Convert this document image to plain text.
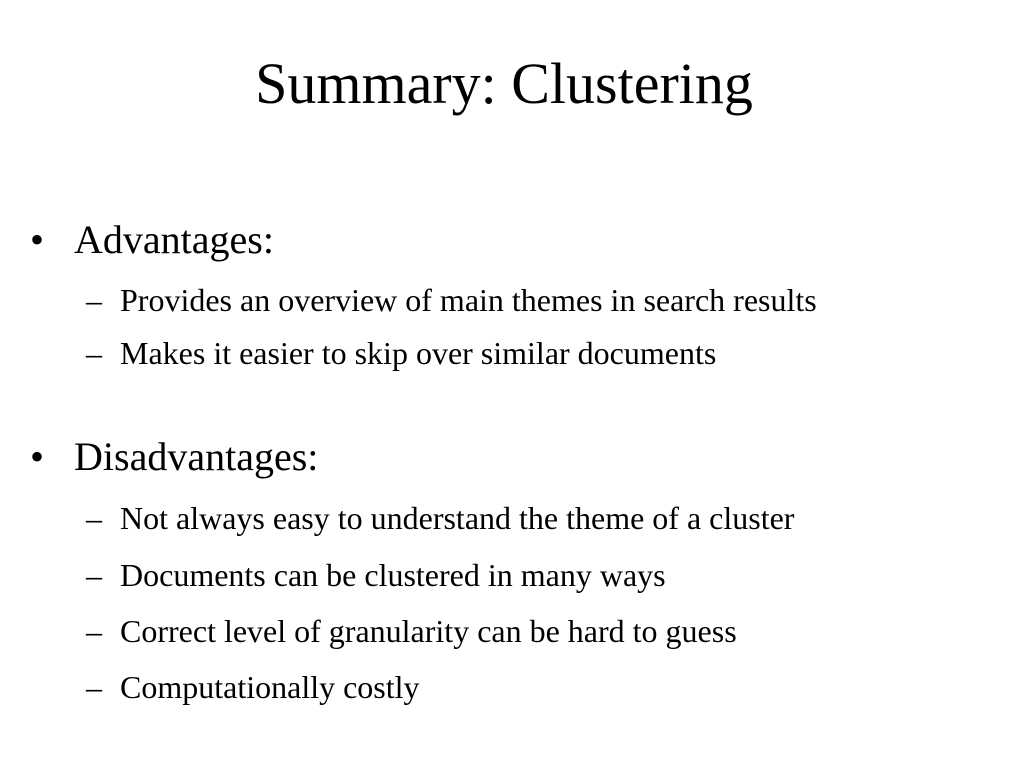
Summary: Clustering
• Advantages:
– Provides an overview of main themes in search results
– Makes it easier to skip over similar documents
• Disadvantages:
– Not always easy to understand the theme of a cluster
– Documents can be clustered in many ways
– Correct level of granularity can be hard to guess
– Computationally costly
